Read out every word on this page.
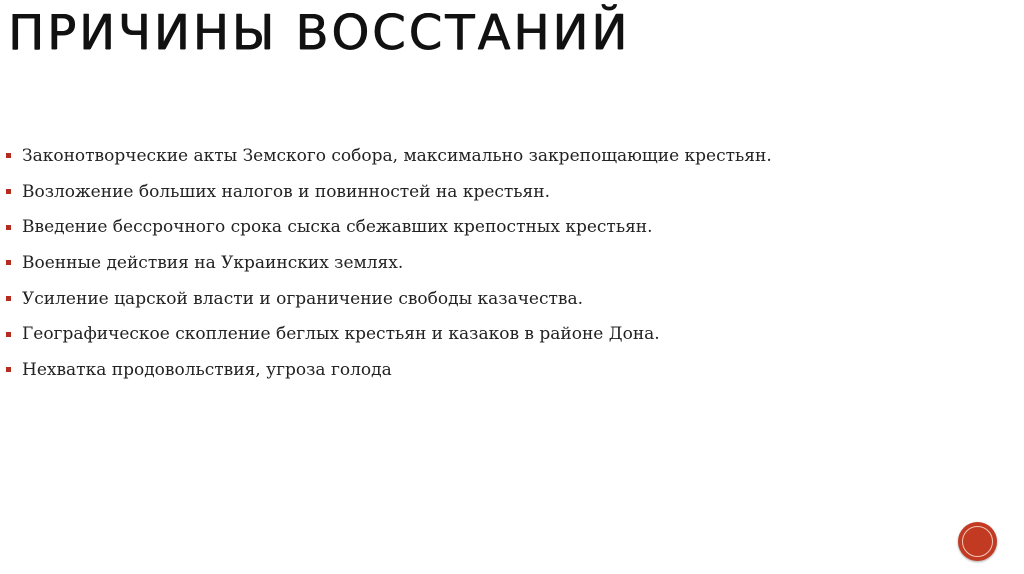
ПРИЧИНЫ ВОССТАНИЙ
Законотворческие акты Земского собора, максимально закрепощающие крестьян.
Возложение больших налогов и повинностей на крестьян.
Введение бессрочного срока сыска сбежавших крепостных крестьян.
Военные действия на Украинских землях.
Усиление царской власти и ограничение свободы казачества.
Географическое скопление беглых крестьян и казаков в районе Дона.
Нехватка продовольствия, угроза голода
